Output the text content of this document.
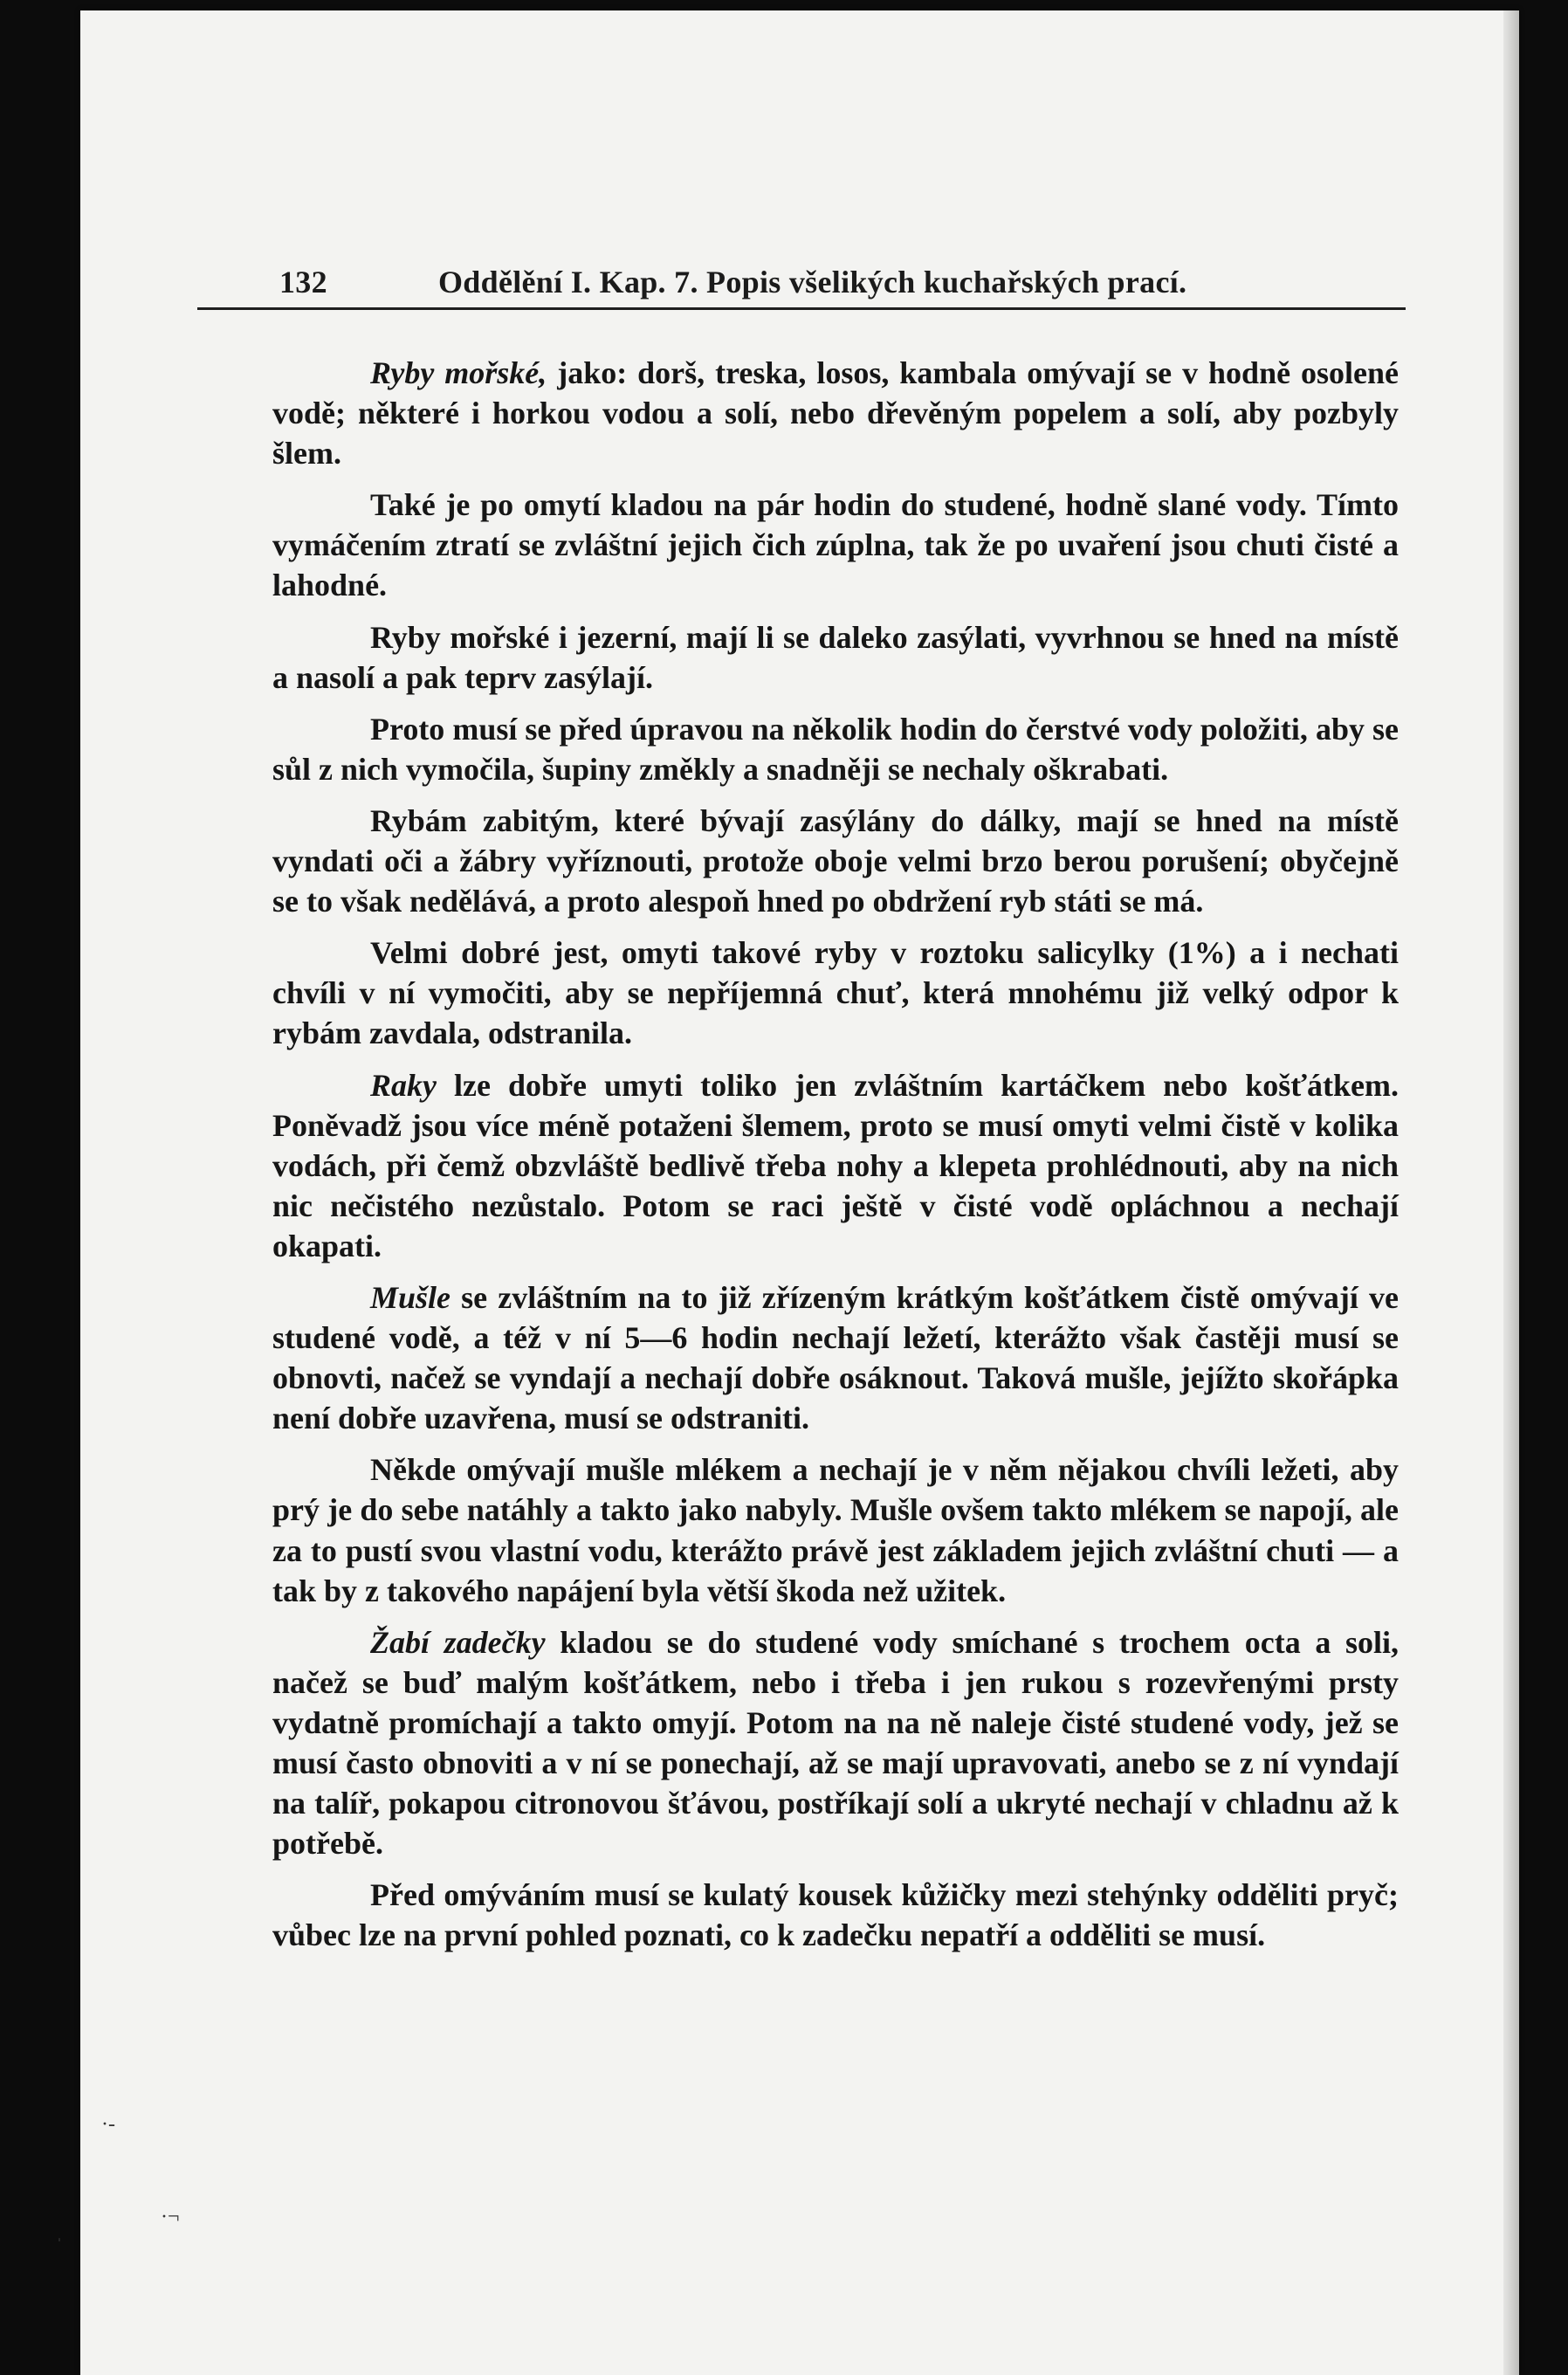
132	Oddělění I. Kap. 7. Popis všelikých kuchařských prací.

Ryby mořské, jako: dorš, treska, losos, kambala omývají se v hodně osolené vodě; některé i horkou vodou a solí, nebo dřevěným popelem a solí, aby pozbyly šlem.

Také je po omytí kladou na pár hodin do studené, hodně slané vody. Tímto vymáčením ztratí se zvláštní jejich čich zúplna, tak že po uvaření jsou chuti čisté a lahodné.

Ryby mořské i jezerní, mají li se daleko zasýlati, vyvrhnou se hned na místě a nasolí a pak teprv zasýlají.

Proto musí se před úpravou na několik hodin do čerstvé vody položiti, aby se sůl z nich vymočila, šupiny změkly a snadněji se nechaly oškrabati.

Rybám zabitým, které bývají zasýlány do dálky, mají se hned na místě vyndati oči a žábry vyříznouti, protože oboje velmi brzo berou porušení; obyčejně se to však nedělává, a proto alespoň hned po obdržení ryb státi se má.

Velmi dobré jest, omyti takové ryby v roztoku salicylky (1%) a i nechati chvíli v ní vymočiti, aby se nepříjemná chuť, která mnohému již velký odpor k rybám zavdala, odstranila.

Raky lze dobře umyti toliko jen zvláštním kartáčkem nebo košťátkem. Poněvadž jsou více méně potaženi šlemem, proto se musí omyti velmi čistě v kolika vodách, při čemž obzvláště bedlivě třeba nohy a klepeta prohlédnouti, aby na nich nic nečistého nezůstalo. Potom se raci ještě v čisté vodě opláchnou a nechají okapati.

Mušle se zvláštním na to již zřízeným krátkým košťátkem čistě omývají ve studené vodě, a též v ní 5—6 hodin nechají ležetí, kterážto však častěji musí se obnovti, načež se vyndají a nechají dobře osáknout. Taková mušle, jejížto skořápka není dobře uzavřena, musí se odstraniti.

Někde omývají mušle mlékem a nechají je v něm nějakou chvíli ležeti, aby prý je do sebe natáhly a takto jako nabyly. Mušle ovšem takto mlékem se napojí, ale za to pustí svou vlastní vodu, kterážto právě jest základem jejich zvláštní chuti — a tak by z takového napájení byla větší škoda než užitek.

Žabí zadečky kladou se do studené vody smíchané s trochem octa a soli, načež se buď malým košťátkem, nebo i třeba i jen rukou s rozevřenými prsty vydatně promíchají a takto omyjí. Potom na na ně naleje čisté studené vody, jež se musí často obnoviti a v ní se ponechají, až se mají upravovati, anebo se z ní vyndají na talíř, pokapou citronovou šťávou, postříkají solí a ukryté nechají v chladnu až k potřebě.

Před omýváním musí se kulatý kousek kůžičky mezi stehýnky odděliti pryč; vůbec lze na první pohled poznati, co k zadečku nepatří a odděliti se musí.

·-
·¬
ˈ
